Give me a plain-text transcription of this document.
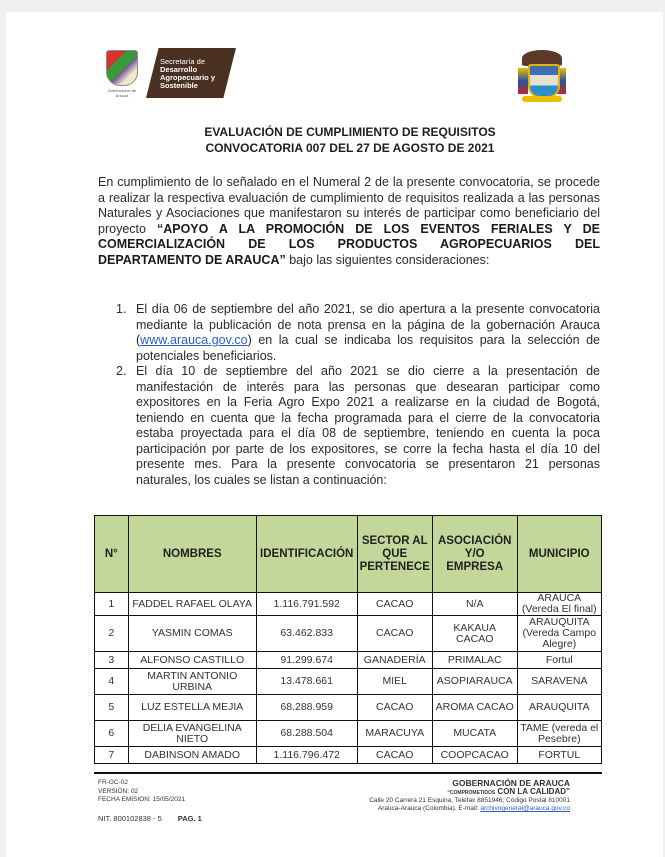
Gobernación de Arauca
Secretaría de
Desarrollo
Agropecuario y
Sostenible
EVALUACIÓN DE CUMPLIMIENTO DE REQUISITOS
CONVOCATORIA 007 DEL 27 DE AGOSTO DE 2021
En cumplimiento de lo señalado en el Numeral 2 de la presente convocatoria, se procede a realizar la respectiva evaluación de cumplimiento de requisitos realizada a las personas Naturales y Asociaciones que manifestaron su interés de participar como beneficiario del proyecto “APOYO A LA PROMOCIÓN DE LOS EVENTOS FERIALES Y DE COMERCIALIZACIÓN DE LOS PRODUCTOS AGROPECUARIOS DEL DEPARTAMENTO DE ARAUCA” bajo las siguientes consideraciones:
1. El día 06 de septiembre del año 2021, se dio apertura a la presente convocatoria mediante la publicación de nota prensa en la página de la gobernación Arauca (www.arauca.gov.co) en la cual se indicaba los requisitos para la selección de potenciales beneficiarios.
2. El día 10 de septiembre del año 2021 se dio cierre a la presentación de manifestación de interés para las personas que desearan participar como expositores en la Feria Agro Expo 2021 a realizarse en la ciudad de Bogotá, teniendo en cuenta que la fecha programada para el cierre de la convocatoria estaba proyectada para el día 08 de septiembre, teniendo en cuenta la poca participación por parte de los expositores, se corre la fecha hasta el día 10 del presente mes. Para la presente convocatoria se presentaron 21 personas naturales, los cuales se listan a continuación:
N°	NOMBRES	IDENTIFICACIÓN	SECTOR AL QUE PERTENECE	ASOCIACIÓN Y/O EMPRESA	MUNICIPIO
1	FADDEL RAFAEL OLAYA	1.116.791.592	CACAO	N/A	ARAUCA (Vereda El final)
2	YASMIN COMAS	63.462.833	CACAO	KAKAUA CACAO	ARAUQUITA (Vereda Campo Alegre)
3	ALFONSO CASTILLO	91.299.674	GANADERÍA	PRIMALAC	Fortul
4	MARTIN ANTONIO URBINA	13.478.661	MIEL	ASOPIARAUCA	SARAVENA
5	LUZ ESTELLA MEJIA	68.288.959	CACAO	AROMA CACAO	ARAUQUITA
6	DELIA EVANGELINA NIETO	68.288.504	MARACUYA	MUCATA	TAME (vereda el Pesebre)
7	DABINSON AMADO	1.116.796.472	CACAO	COOPCACAO	FORTUL
FR-GC-02
VERSIÓN: 02
FECHA EMISION: 15/05/2021
NIT. 800102838 - 5 PAG. 1
GOBERNACIÓN DE ARAUCA
“COMPROMETIDOS CON LA CALIDAD”
Calle 20 Carrera 21 Esquina, Telefax 8851946; Código Postal 810001
Arauca-Arauca (Colombia). E-mail: archivogeneral@arauca.gov.co
